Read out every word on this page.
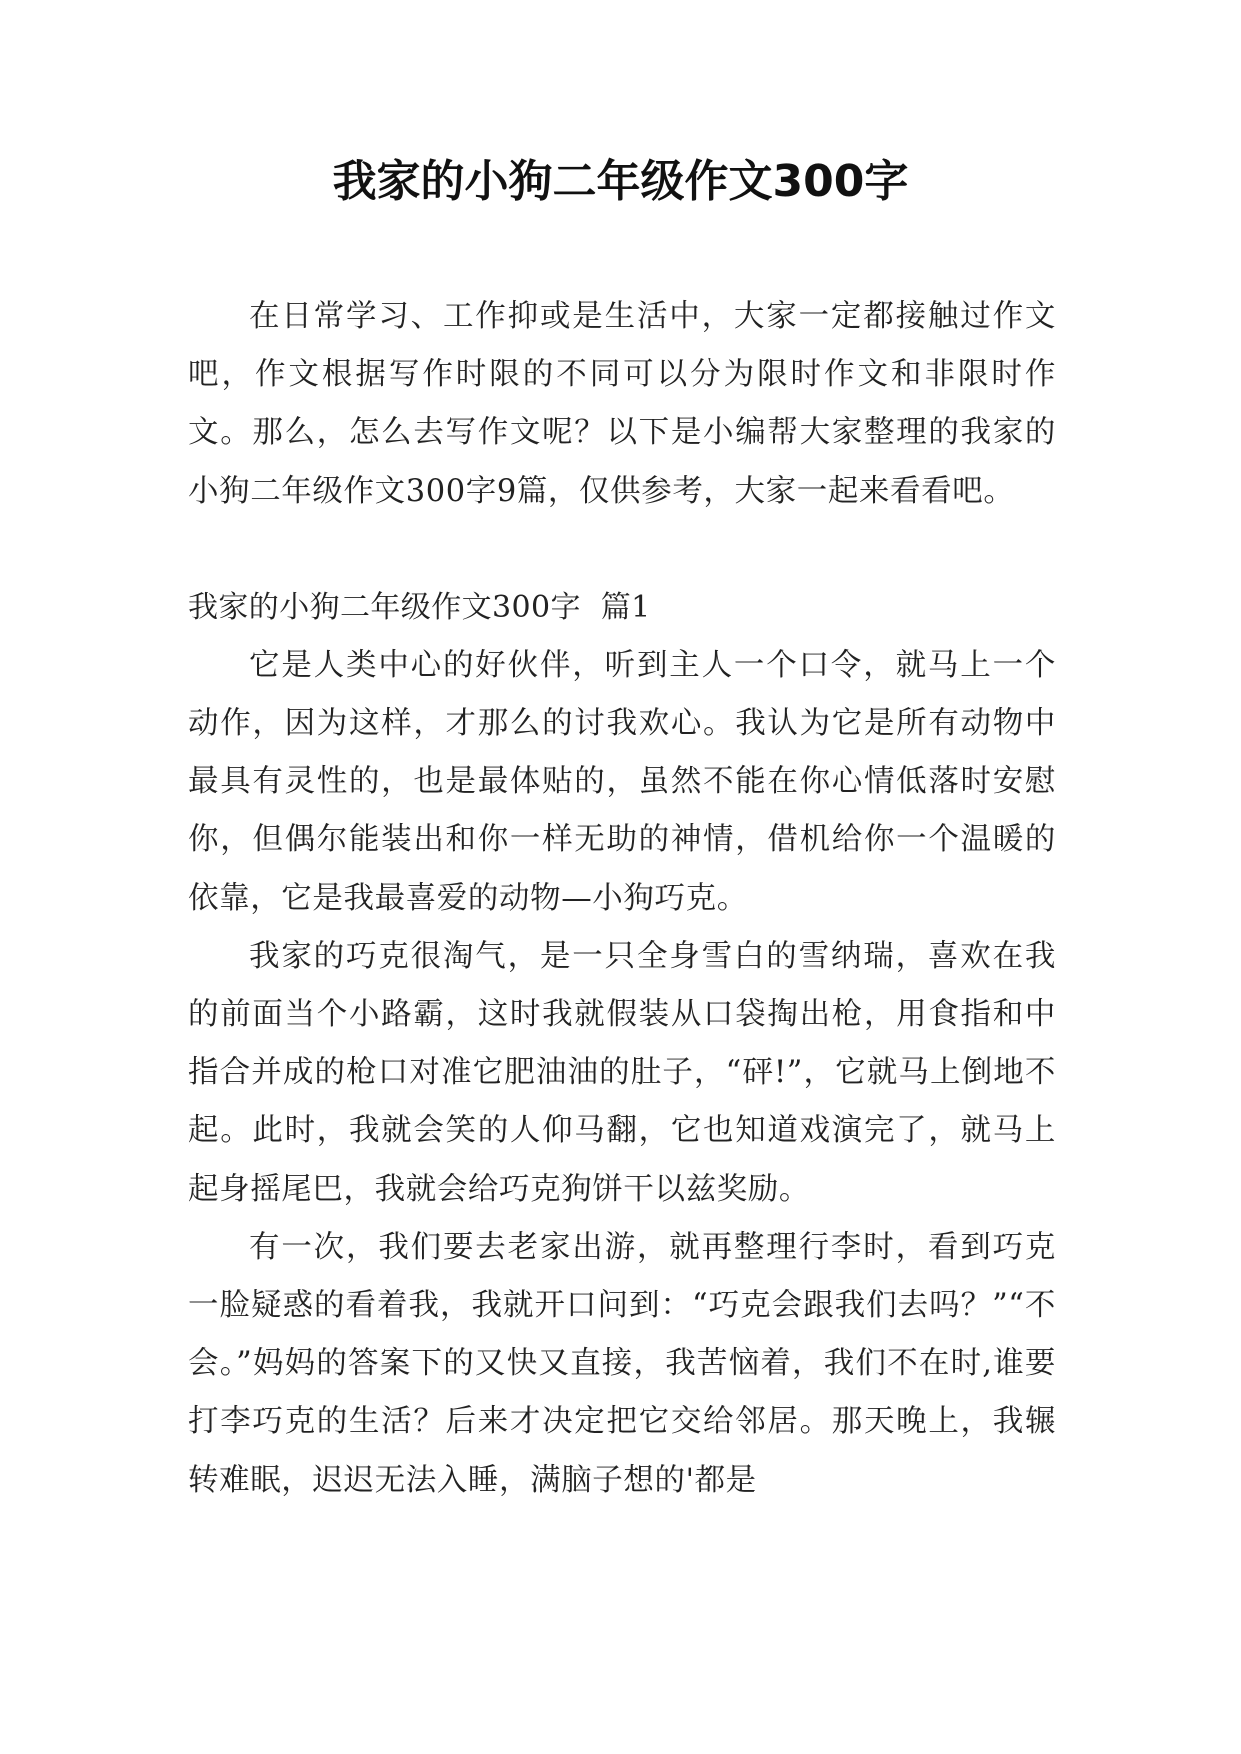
我家的小狗二年级作文300字

在日常学习、工作抑或是生活中，大家一定都接触过作文吧，作文根据写作时限的不同可以分为限时作文和非限时作文。那么，怎么去写作文呢？以下是小编帮大家整理的我家的小狗二年级作文300字9篇，仅供参考，大家一起来看看吧。

我家的小狗二年级作文300字  篇1

它是人类中心的好伙伴，听到主人一个口令，就马上一个动作，因为这样，才那么的讨我欢心。我认为它是所有动物中最具有灵性的，也是最体贴的，虽然不能在你心情低落时安慰你，但偶尔能装出和你一样无助的神情，借机给你一个温暖的依靠，它是我最喜爱的动物—小狗巧克。

我家的巧克很淘气，是一只全身雪白的雪纳瑞，喜欢在我的前面当个小路霸，这时我就假装从口袋掏出枪，用食指和中指合并成的枪口对准它肥油油的肚子，“砰!”，它就马上倒地不起。此时，我就会笑的人仰马翻，它也知道戏演完了，就马上起身摇尾巴，我就会给巧克狗饼干以兹奖励。

有一次，我们要去老家出游，就再整理行李时，看到巧克一脸疑惑的看着我，我就开口问到：“巧克会跟我们去吗？”“不会。”妈妈的答案下的又快又直接，我苦恼着，我们不在时,谁要打李巧克的生活？后来才决定把它交给邻居。那天晚上，我辗转难眠，迟迟无法入睡，满脑子想的'都是
